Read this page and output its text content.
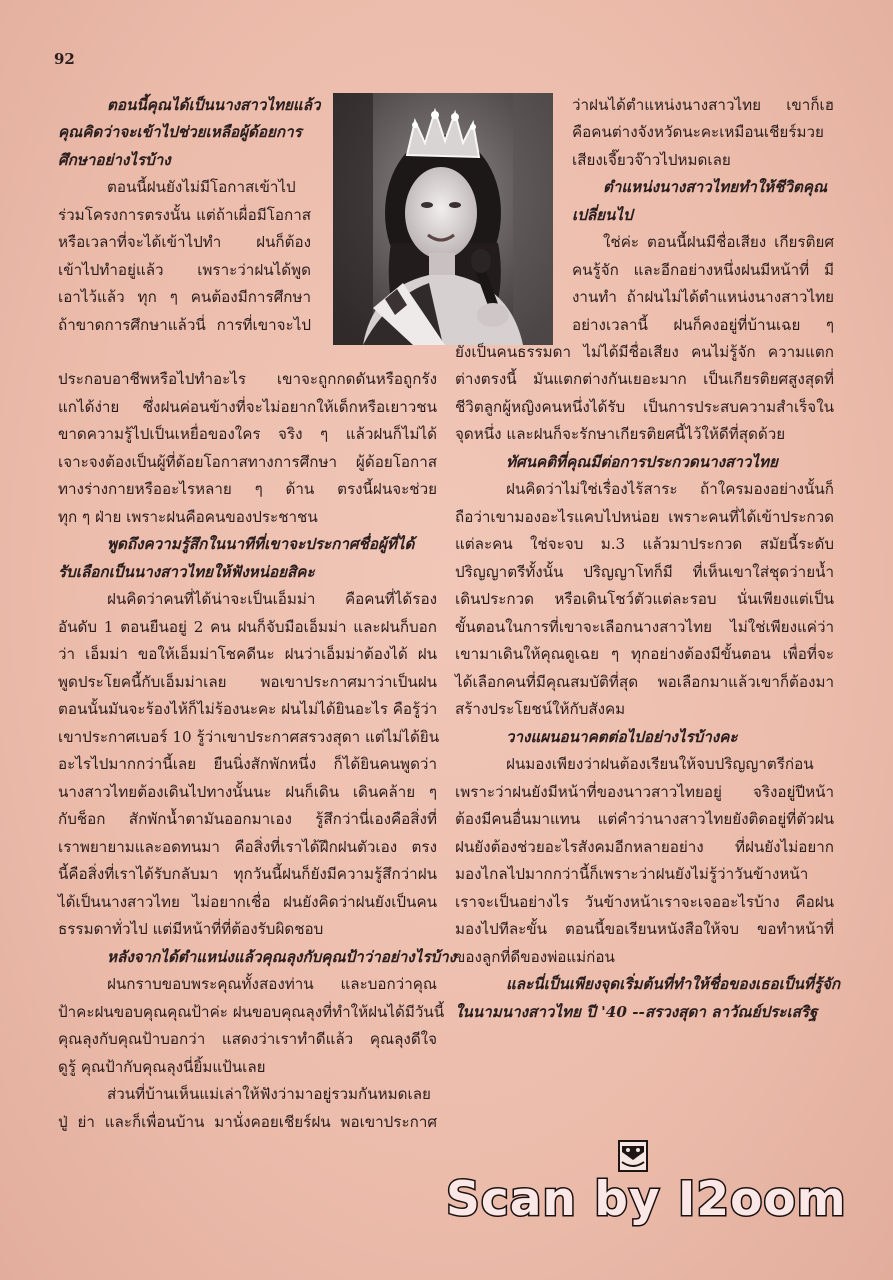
92

ตอนนี้คุณได้เป็นนางสาวไทยแล้ว

คุณคิดว่าจะเข้าไปช่วยเหลือผู้ด้อยการ

ศึกษาอย่างไรบ้าง

ตอนนี้ฝนยังไม่มีโอกาสเข้าไป

ร่วมโครงการตรงนั้น แต่ถ้าเผื่อมีโอกาส

หรือเวลาที่จะได้เข้าไปทำ ฝนก็ต้อง

เข้าไปทำอยู่แล้ว เพราะว่าฝนได้พูด

เอาไว้แล้ว ทุก ๆ คนต้องมีการศึกษา

ถ้าขาดการศึกษาแล้วนี่ การที่เขาจะไป

ประกอบอาชีพหรือไปทำอะไร เขาจะถูกกดดันหรือถูกรัง

แกได้ง่าย ซึ่งฝนค่อนข้างที่จะไม่อยากให้เด็กหรือเยาวชน

ขาดความรู้ไปเป็นเหยื่อของใคร จริง ๆ แล้วฝนก็ไม่ได้

เจาะจงต้องเป็นผู้ที่ด้อยโอกาสทางการศึกษา ผู้ด้อยโอกาส

ทางร่างกายหรืออะไรหลาย ๆ ด้าน ตรงนี้ฝนจะช่วย

ทุก ๆ ฝ่าย เพราะฝนคือคนของประชาชน

พูดถึงความรู้สึกในนาทีที่เขาจะประกาศชื่อผู้ที่ได้

รับเลือกเป็นนางสาวไทยให้ฟังหน่อยสิคะ

ฝนคิดว่าคนที่ได้น่าจะเป็นเอ็มม่า คือคนที่ได้รอง

อันดับ 1 ตอนยืนอยู่ 2 คน ฝนก็จับมือเอ็มม่า และฝนก็บอก

ว่า เอ็มม่า ขอให้เอ็มม่าโชคดีนะ ฝนว่าเอ็มม่าต้องได้ ฝน

พูดประโยคนี้กับเอ็มม่าเลย พอเขาประกาศมาว่าเป็นฝน

ตอนนั้นมันจะร้องไห้ก็ไม่ร้องนะคะ ฝนไม่ได้ยินอะไร คือรู้ว่า

เขาประกาศเบอร์ 10 รู้ว่าเขาประกาศสรวงสุดา แต่ไม่ได้ยิน

อะไรไปมากกว่านี้เลย ยืนนิ่งสักพักหนึ่ง ก็ได้ยินคนพูดว่า

นางสาวไทยต้องเดินไปทางนั้นนะ ฝนก็เดิน เดินคล้าย ๆ

กับช็อก สักพักน้ำตามันออกมาเอง รู้สึกว่านี่เองคือสิ่งที่

เราพยายามและอดทนมา คือสิ่งที่เราได้ฝึกฝนตัวเอง ตรง

นี้คือสิ่งที่เราได้รับกลับมา ทุกวันนี้ฝนก็ยังมีความรู้สึกว่าฝน

ได้เป็นนางสาวไทย ไม่อยากเชื่อ ฝนยังคิดว่าฝนยังเป็นคน

ธรรมดาทั่วไป แต่มีหน้าที่ที่ต้องรับผิดชอบ

หลังจากได้ตำแหน่งแล้วคุณลุงกับคุณป้าว่าอย่างไรบ้าง

ฝนกราบขอบพระคุณทั้งสองท่าน และบอกว่าคุณ

ป้าคะฝนขอบคุณคุณป้าค่ะ ฝนขอบคุณลุงที่ทำให้ฝนได้มีวันนี้

คุณลุงกับคุณป้าบอกว่า แสดงว่าเราทำดีแล้ว คุณลุงดีใจ

ดูรู้ คุณป้ากับคุณลุงนี่ยิ้มแป้นเลย

ส่วนที่บ้านเห็นแม่เล่าให้ฟังว่ามาอยู่รวมกันหมดเลย

ปู่ ย่า และก็เพื่อนบ้าน มานั่งคอยเชียร์ฝน พอเขาประกาศ

ว่าฝนได้ตำแหน่งนางสาวไทย เขาก็เฮ

คือคนต่างจังหวัดนะคะเหมือนเชียร์มวย

เสียงเจี๊ยวจ๊าวไปหมดเลย

ตำแหน่งนางสาวไทยทำให้ชีวิตคุณ

เปลี่ยนไป

ใช่ค่ะ ตอนนี้ฝนมีชื่อเสียง เกียรติยศ

คนรู้จัก และอีกอย่างหนึ่งฝนมีหน้าที่ มี

งานทำ ถ้าฝนไม่ได้ตำแหน่งนางสาวไทย

อย่างเวลานี้ ฝนก็คงอยู่ที่บ้านเฉย ๆ

ยังเป็นคนธรรมดา ไม่ได้มีชื่อเสียง คนไม่รู้จัก ความแตก

ต่างตรงนี้ มันแตกต่างกันเยอะมาก เป็นเกียรติยศสูงสุดที่

ชีวิตลูกผู้หญิงคนหนึ่งได้รับ เป็นการประสบความสำเร็จใน

จุดหนึ่ง และฝนก็จะรักษาเกียรติยศนี้ไว้ให้ดีที่สุดด้วย

ทัศนคติที่คุณมีต่อการประกวดนางสาวไทย

ฝนคิดว่าไม่ใช่เรื่องไร้สาระ ถ้าใครมองอย่างนั้นก็

ถือว่าเขามองอะไรแคบไปหน่อย เพราะคนที่ได้เข้าประกวด

แต่ละคน ใช่จะจบ ม.3 แล้วมาประกวด สมัยนี้ระดับ

ปริญญาตรีทั้งนั้น ปริญญาโทก็มี ที่เห็นเขาใส่ชุดว่ายน้ำ

เดินประกวด หรือเดินโชว์ตัวแต่ละรอบ นั่นเพียงแต่เป็น

ขั้นตอนในการที่เขาจะเลือกนางสาวไทย ไม่ใช่เพียงแค่ว่า

เขามาเดินให้คุณดูเฉย ๆ ทุกอย่างต้องมีขั้นตอน เพื่อที่จะ

ได้เลือกคนที่มีคุณสมบัติที่สุด พอเลือกมาแล้วเขาก็ต้องมา

สร้างประโยชน์ให้กับสังคม

วางแผนอนาคตต่อไปอย่างไรบ้างคะ

ฝนมองเพียงว่าฝนต้องเรียนให้จบปริญญาตรีก่อน

เพราะว่าฝนยังมีหน้าที่ของนาวสาวไทยอยู่ จริงอยู่ปีหน้า

ต้องมีคนอื่นมาแทน แต่คำว่านางสาวไทยยังติดอยู่ที่ตัวฝน

ฝนยังต้องช่วยอะไรสังคมอีกหลายอย่าง ที่ฝนยังไม่อยาก

มองไกลไปมากกว่านี้ก็เพราะว่าฝนยังไม่รู้ว่าวันข้างหน้า

เราจะเป็นอย่างไร วันข้างหน้าเราจะเจออะไรบ้าง คือฝน

มองไปทีละขั้น ตอนนี้ขอเรียนหนังสือให้จบ ขอทำหน้าที่

ของลูกที่ดีของพ่อแม่ก่อน

และนี่เป็นเพียงจุดเริ่มต้นที่ทำให้ชื่อของเธอเป็นที่รู้จัก

ในนามนางสาวไทย ปี '40 --สรวงสุดา ลาวัณย์ประเสริฐ

Scan by I2oom
